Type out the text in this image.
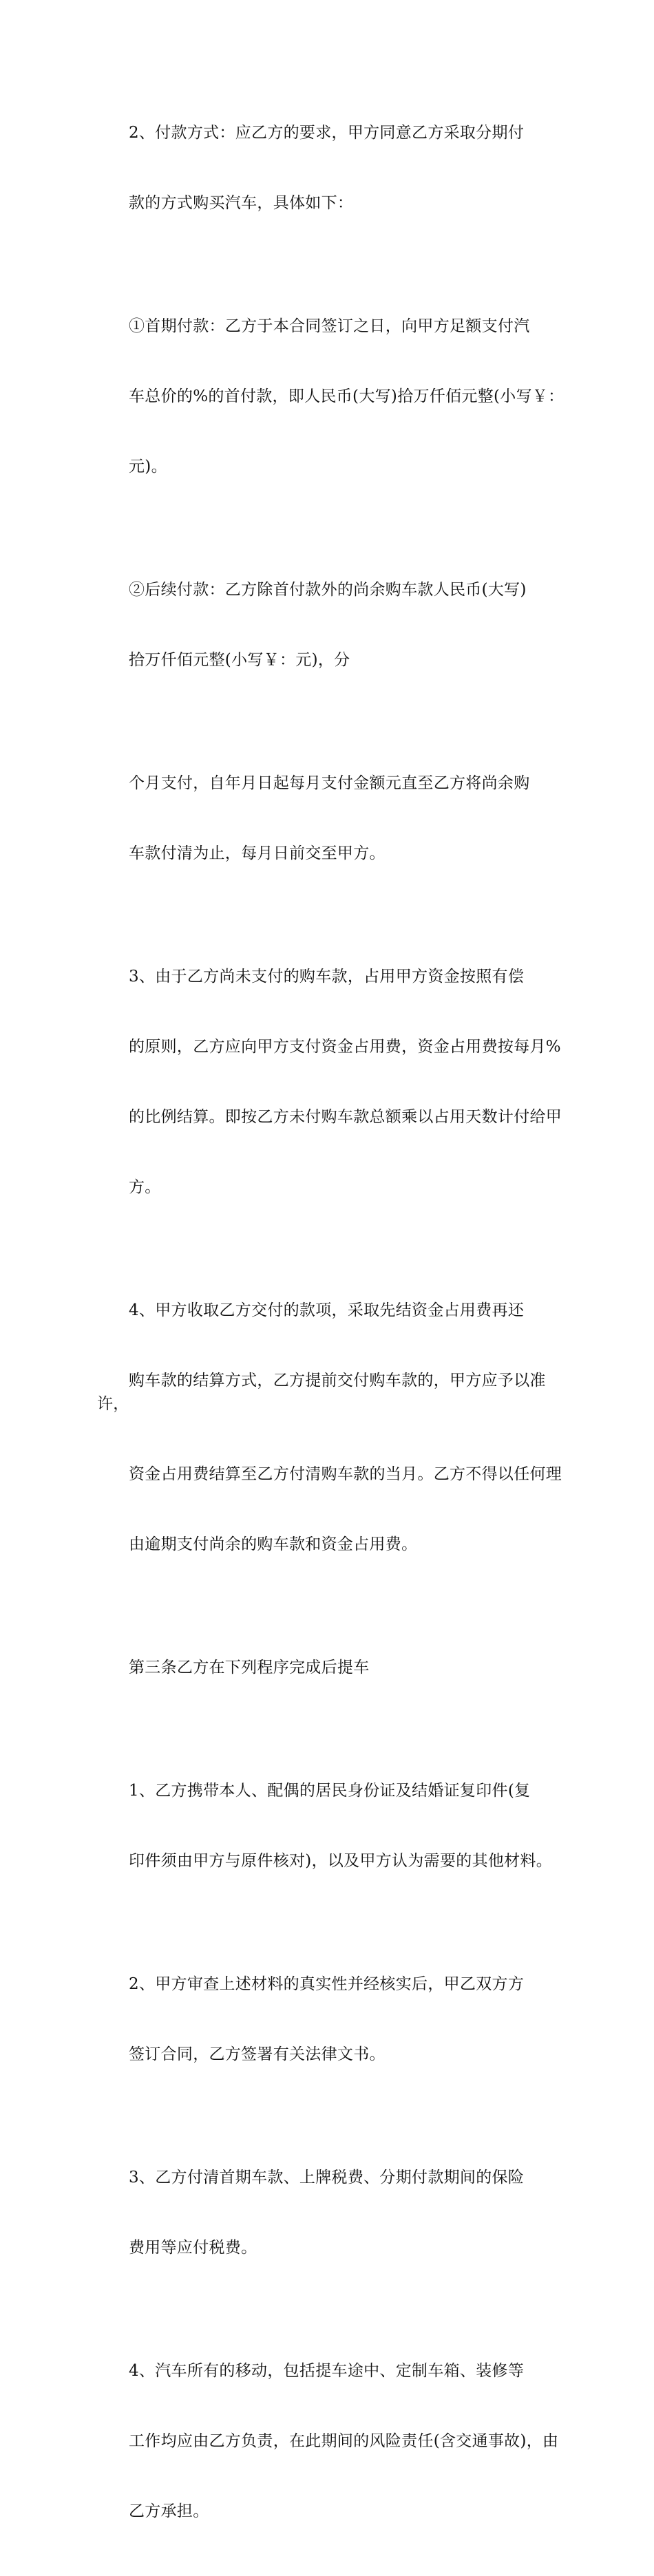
2、付款方式：应乙方的要求，甲方同意乙方采取分期付

款的方式购买汽车，具体如下：

①首期付款：乙方于本合同签订之日，向甲方足额支付汽

车总价的%的首付款，即人民币(大写)拾万仟佰元整(小写￥：

元)。

②后续付款：乙方除首付款外的尚余购车款人民币(大写)

拾万仟佰元整(小写￥：元)，分

个月支付，自年月日起每月支付金额元直至乙方将尚余购

车款付清为止，每月日前交至甲方。

3、由于乙方尚未支付的购车款，占用甲方资金按照有偿

的原则，乙方应向甲方支付资金占用费，资金占用费按每月%

的比例结算。即按乙方未付购车款总额乘以占用天数计付给甲

方。

4、甲方收取乙方交付的款项，采取先结资金占用费再还

购车款的结算方式，乙方提前交付购车款的，甲方应予以准许，

资金占用费结算至乙方付清购车款的当月。乙方不得以任何理

由逾期支付尚余的购车款和资金占用费。

第三条乙方在下列程序完成后提车

1、乙方携带本人、配偶的居民身份证及结婚证复印件(复

印件须由甲方与原件核对)，以及甲方认为需要的其他材料。

2、甲方审查上述材料的真实性并经核实后，甲乙双方方

签订合同，乙方签署有关法律文书。

3、乙方付清首期车款、上牌税费、分期付款期间的保险

费用等应付税费。

4、汽车所有的移动，包括提车途中、定制车箱、装修等

工作均应由乙方负责，在此期间的风险责任(含交通事故)，由

乙方承担。
